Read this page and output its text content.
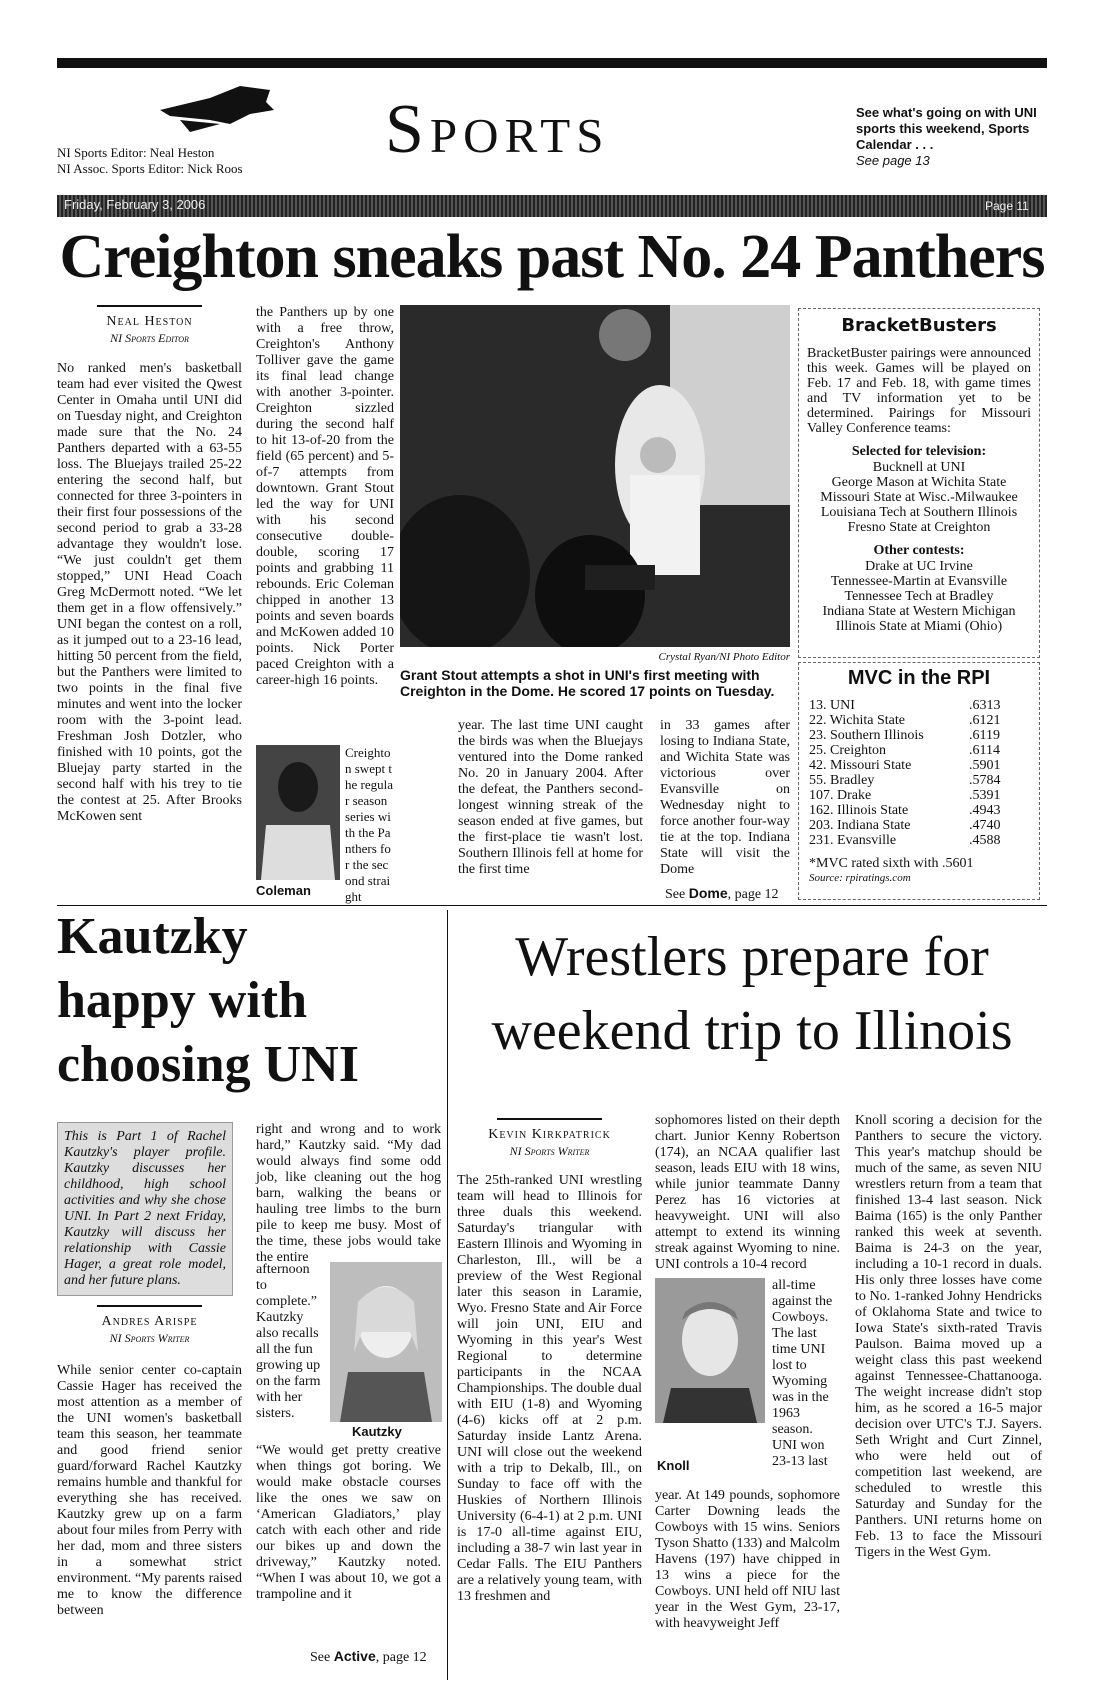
NI Sports Editor: Neal Heston
NI Assoc. Sports Editor: Nick Roos
Sports	See what's going on with UNI sports this weekend, Sports Calendar . . .
See page 13
Friday, February 3, 2006	Page 11
Creighton sneaks past No. 24 Panthers
Neal Heston
NI Sports Editor
No ranked men's basketball team had ever visited the Qwest Center in Omaha until UNI did on Tuesday night, and Creighton made sure that the No. 24 Panthers departed with a 63-55 loss. The Bluejays trailed 25-22 entering the second half, but connected for three 3-pointers in their first four possessions of the second period to grab a 33-28 advantage they wouldn't lose. “We just couldn't get them stopped,” UNI Head Coach Greg McDermott noted. “We let them get in a flow offensively.” UNI began the contest on a roll, as it jumped out to a 23-16 lead, hitting 50 percent from the field, but the Panthers were limited to two points in the final five minutes and went into the locker room with the 3-point lead. Freshman Josh Dotzler, who finished with 10 points, got the Bluejay party started in the second half with his trey to tie the contest at 25. After Brooks McKowen sent
the Panthers up by one with a free throw, Creighton's Anthony Tolliver gave the game its final lead change with another 3-pointer. Creighton sizzled during the second half to hit 13-of-20 from the field (65 percent) and 5-of-7 attempts from downtown. Grant Stout led the way for UNI with his second consecutive double-double, scoring 17 points and grabbing 11 rebounds. Eric Coleman chipped in another 13 points and seven boards and McKowen added 10 points. Nick Porter paced Creighton with a career-high 16 points.
Coleman
Creighton swept the regular season series with the Panthers for the second straight
Crystal Ryan/NI Photo Editor
Grant Stout attempts a shot in UNI's first meeting with Creighton in the Dome. He scored 17 points on Tuesday.
year. The last time UNI caught the birds was when the Bluejays ventured into the Dome ranked No. 20 in January 2004. After the defeat, the Panthers second-longest winning streak of the season ended at five games, but the first-place tie wasn't lost. Southern Illinois fell at home for the first time
in 33 games after losing to Indiana State, and Wichita State was victorious over Evansville on Wednesday night to force another four-way tie at the top. Indiana State will visit the Dome
See Dome, page 12
BracketBusters
BracketBuster pairings were announced this week. Games will be played on Feb. 17 and Feb. 18, with game times and TV information yet to be determined. Pairings for Missouri Valley Conference teams:
Selected for television:
Bucknell at UNI
George Mason at Wichita State
Missouri State at Wisc.-Milwaukee
Louisiana Tech at Southern Illinois
Fresno State at Creighton
Other contests:
Drake at UC Irvine
Tennessee-Martin at Evansville
Tennessee Tech at Bradley
Indiana State at Western Michigan
Illinois State at Miami (Ohio)
MVC in the RPI
13. UNI	.6313
22. Wichita State	.6121
23. Southern Illinois	.6119
25. Creighton	.6114
42. Missouri State	.5901
55. Bradley	.5784
107. Drake	.5391
162. Illinois State	.4943
203. Indiana State	.4740
231. Evansville	.4588
*MVC rated sixth with .5601
Source: rpiratings.com
Kautzky
happy with
choosing UNI
This is Part 1 of Rachel Kautzky's player profile. Kautzky discusses her childhood, high school activities and why she chose UNI. In Part 2 next Friday, Kautzky will discuss her relationship with Cassie Hager, a great role model, and her future plans.
Andres Arispe
NI Sports Writer
While senior center co-captain Cassie Hager has received the most attention as a member of the UNI women's basketball team this season, her teammate and good friend senior guard/forward Rachel Kautzky remains humble and thankful for everything she has received. Kautzky grew up on a farm about four miles from Perry with her dad, mom and three sisters in a somewhat strict environment. “My parents raised me to know the difference between
right and wrong and to work hard,” Kautzky said. “My dad would always find some odd job, like cleaning out the hog barn, walking the beans or hauling tree limbs to the burn pile to keep me busy. Most of the time, these jobs would take the entire
afternoon to complete.” Kautzky also recalls all the fun growing up on the farm with her sisters.
Kautzky
“We would get pretty creative when things got boring. We would make obstacle courses like the ones we saw on ‘American Gladiators,’ play catch with each other and ride our bikes up and down the driveway,” Kautzky noted. “When I was about 10, we got a trampoline and it
See Active, page 12
Wrestlers prepare for
weekend trip to Illinois
Kevin Kirkpatrick
NI Sports Writer
The 25th-ranked UNI wrestling team will head to Illinois for three duals this weekend. Saturday's triangular with Eastern Illinois and Wyoming in Charleston, Ill., will be a preview of the West Regional later this season in Laramie, Wyo. Fresno State and Air Force will join UNI, EIU and Wyoming in this year's West Regional to determine participants in the NCAA Championships. The double dual with EIU (1-8) and Wyoming (4-6) kicks off at 2 p.m. Saturday inside Lantz Arena. UNI will close out the weekend with a trip to Dekalb, Ill., on Sunday to face off with the Huskies of Northern Illinois University (6-4-1) at 2 p.m. UNI is 17-0 all-time against EIU, including a 38-7 win last year in Cedar Falls. The EIU Panthers are a relatively young team, with 13 freshmen and
sophomores listed on their depth chart. Junior Kenny Robertson (174), an NCAA qualifier last season, leads EIU with 18 wins, while junior teammate Danny Perez has 16 victories at heavyweight. UNI will also attempt to extend its winning streak against Wyoming to nine. UNI controls a 10-4 record
Knoll
all-time against the Cowboys. The last time UNI lost to Wyoming was in the 1963 season. UNI won 23-13 last
year. At 149 pounds, sophomore Carter Downing leads the Cowboys with 15 wins. Seniors Tyson Shatto (133) and Malcolm Havens (197) have chipped in 13 wins a piece for the Cowboys. UNI held off NIU last year in the West Gym, 23-17, with heavyweight Jeff
Knoll scoring a decision for the Panthers to secure the victory. This year's matchup should be much of the same, as seven NIU wrestlers return from a team that finished 13-4 last season. Nick Baima (165) is the only Panther ranked this week at seventh. Baima is 24-3 on the year, including a 10-1 record in duals. His only three losses have come to No. 1-ranked Johny Hendricks of Oklahoma State and twice to Iowa State's sixth-rated Travis Paulson. Baima moved up a weight class this past weekend against Tennessee-Chattanooga. The weight increase didn't stop him, as he scored a 16-5 major decision over UTC's T.J. Sayers. Seth Wright and Curt Zinnel, who were held out of competition last weekend, are scheduled to wrestle this Saturday and Sunday for the Panthers. UNI returns home on Feb. 13 to face the Missouri Tigers in the West Gym.
